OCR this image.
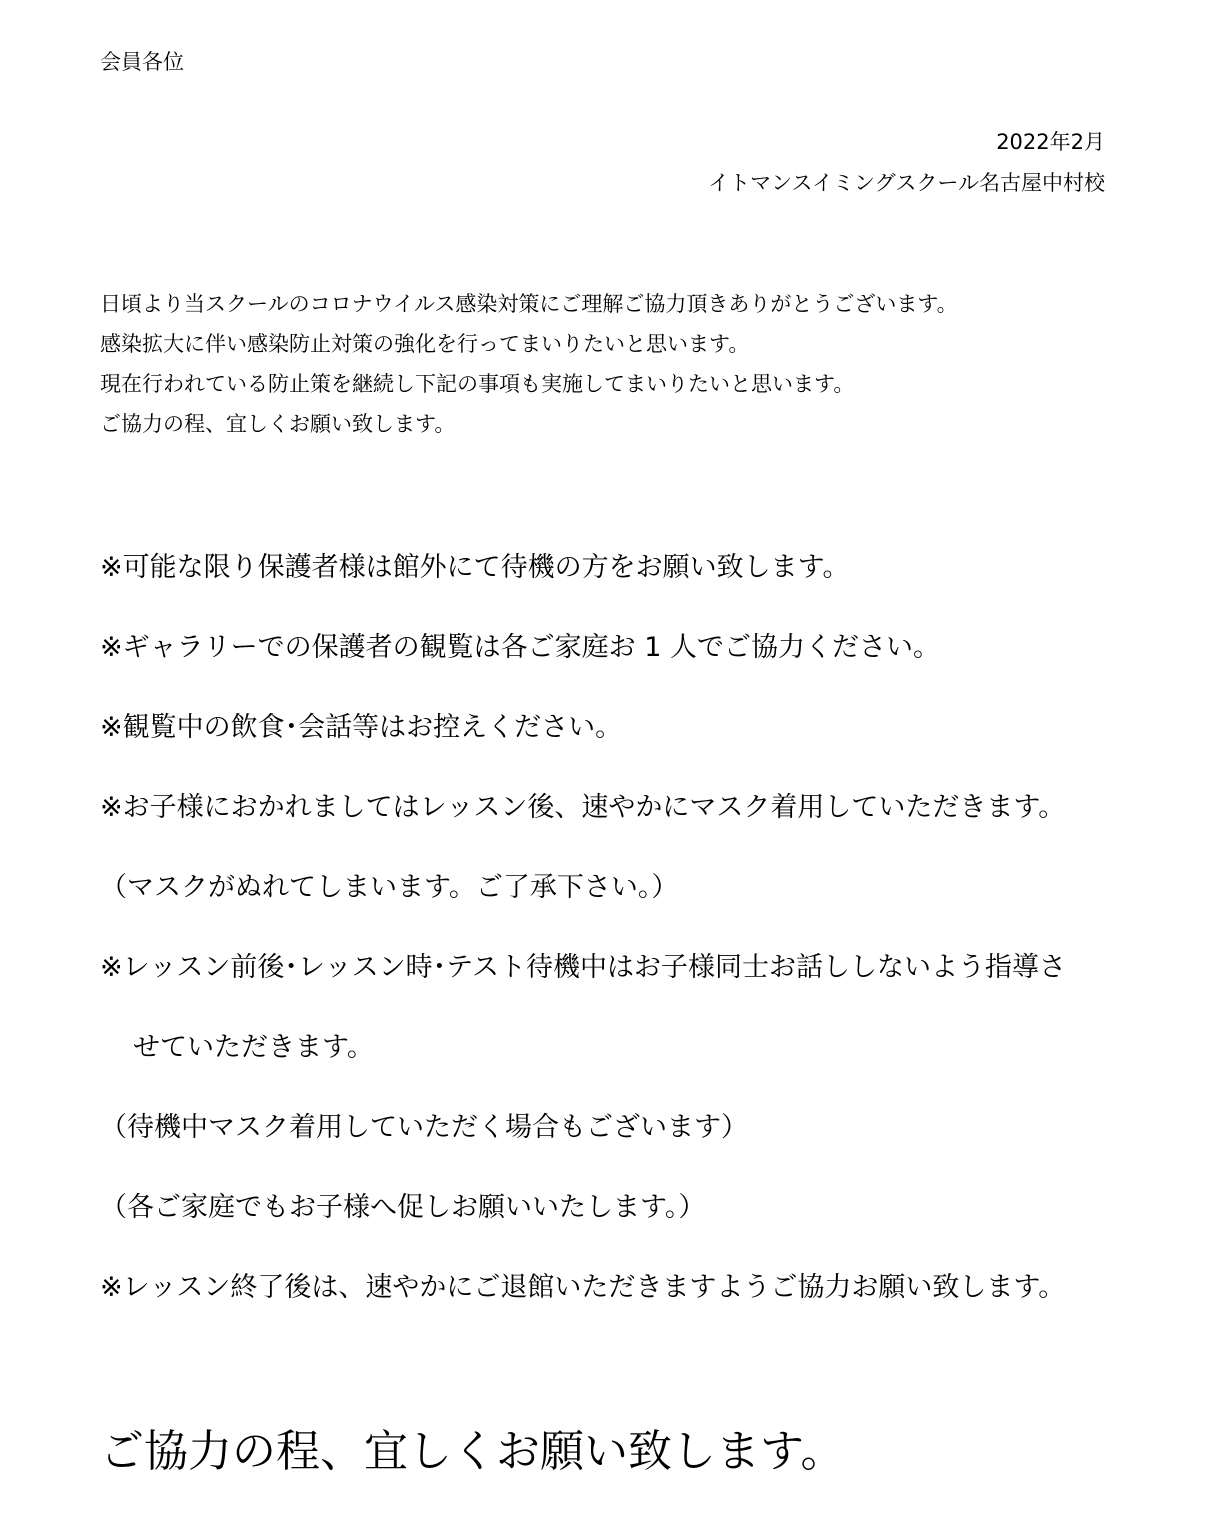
会員各位

2022年2月

イトマンスイミングスクール名古屋中村校

日頃より当スクールのコロナウイルス感染対策にご理解ご協力頂きありがとうございます。

感染拡大に伴い感染防止対策の強化を行ってまいりたいと思います。

現在行われている防止策を継続し下記の事項も実施してまいりたいと思います。

ご協力の程、宜しくお願い致します。

※可能な限り保護者様は館外にて待機の方をお願い致します。

※ギャラリーでの保護者の観覧は各ご家庭お 1 人でご協力ください。

※観覧中の飲食･会話等はお控えください。

※お子様におかれましてはレッスン後、速やかにマスク着用していただきます。

（マスクがぬれてしまいます。ご了承下さい。）

※レッスン前後･レッスン時･テスト待機中はお子様同士お話ししないよう指導さ

せていただきます。

（待機中マスク着用していただく場合もございます）

（各ご家庭でもお子様へ促しお願いいたします。）

※レッスン終了後は、速やかにご退館いただきますようご協力お願い致します。

ご協力の程、宜しくお願い致します。
